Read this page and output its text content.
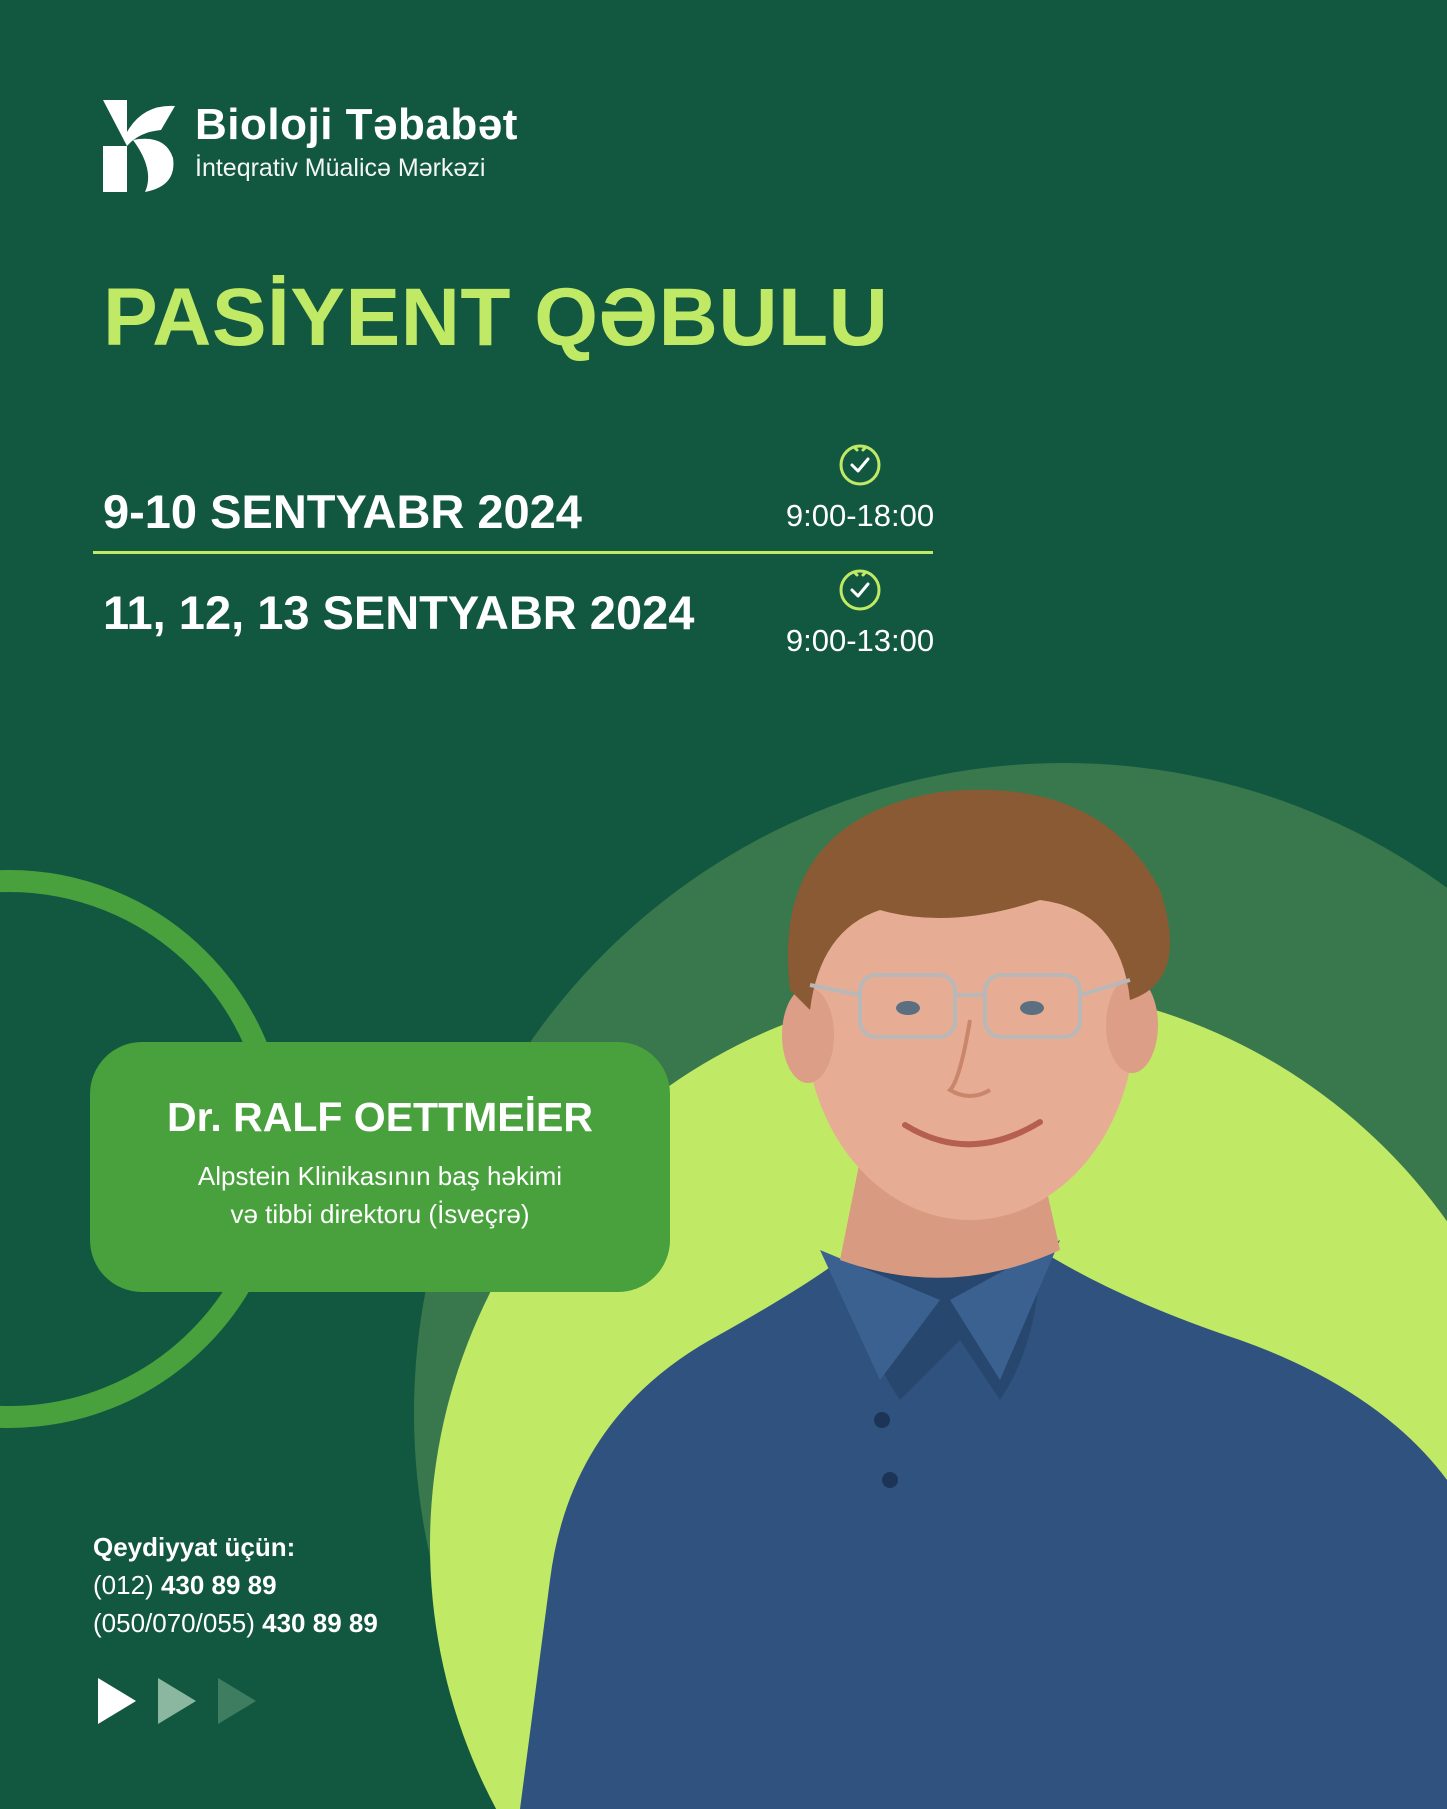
Bioloji Təbabət
İnteqrativ Müalicə Mərkəzi
PASİYENT QƏBULU
9-10 SENTYABR 2024
11, 12, 13 SENTYABR 2024
9:00-18:00
9:00-13:00
Dr. RALF OETTMEİER
Alpstein Klinikasının baş həkimi
və tibbi direktoru (İsveçrə)
Qeydiyyat üçün:
(012) 430 89 89
(050/070/055) 430 89 89
